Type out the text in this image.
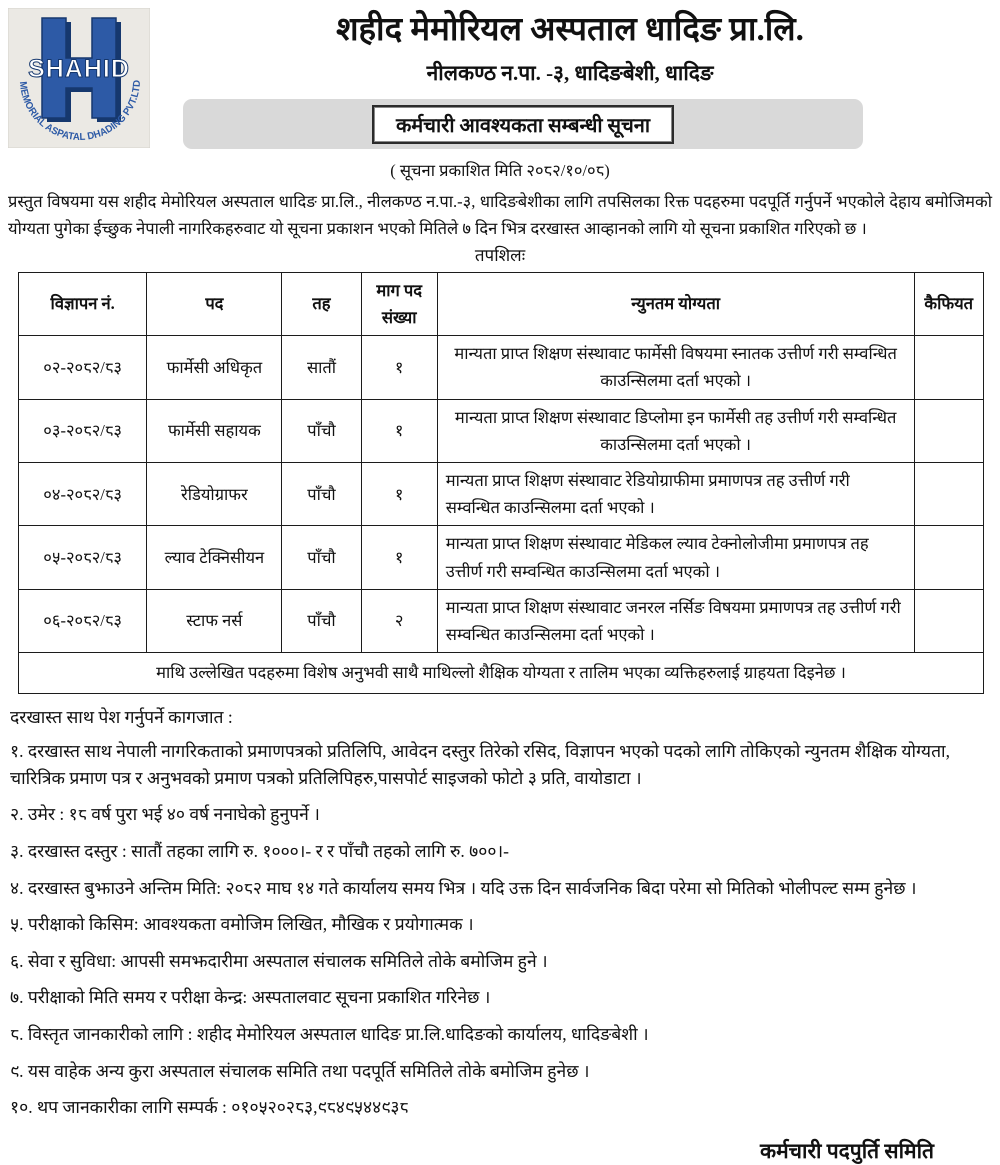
SHAHID
MEMORIAL ASPATAL DHADING PVT.LTD
शहीद मेमोरियल अस्पताल धादिङ प्रा.लि.
नीलकण्ठ न.पा. -३, धादिङबेशी, धादिङ
कर्मचारी आवश्यकता सम्बन्धी सूचना
( सूचना प्रकाशित मिति २०८२/१०/०८)

प्रस्तुत विषयमा यस शहीद मेमोरियल अस्पताल धादिङ प्रा.लि., नीलकण्ठ न.पा.-३, धादिङबेशीका लागि तपसिलका रिक्त पदहरुमा पदपूर्ति गर्नुपर्ने भएकोले देहाय बमोजिमको योग्यता पुगेका ईच्छुक नेपाली नागरिकहरुवाट यो सूचना प्रकाशन भएको मितिले ७ दिन भित्र दरखास्त आव्हानको लागि यो सूचना प्रकाशित गरिएको छ ।

तपशिलः
विज्ञापन नं.	पद	तह	माग पद संख्या	न्युनतम योग्यता	कैफियत
०२-२०८२/८३	फार्मेसी अधिकृत	सातौं	१	मान्यता प्राप्त शिक्षण संस्थावाट फार्मेसी विषयमा स्नातक उत्तीर्ण गरी सम्वन्धित काउन्सिलमा दर्ता भएको ।	
०३-२०८२/८३	फार्मेसी सहायक	पाँचौ	१	मान्यता प्राप्त शिक्षण संस्थावाट डिप्लोमा इन फार्मेसी तह उत्तीर्ण गरी सम्वन्धित काउन्सिलमा दर्ता भएको ।	
०४-२०८२/८३	रेडियोग्राफर	पाँचौ	१	मान्यता प्राप्त शिक्षण संस्थावाट रेडियोग्राफीमा प्रमाणपत्र तह उत्तीर्ण गरी सम्वन्धित काउन्सिलमा दर्ता भएको ।	
०५-२०८२/८३	ल्याव टेक्निसीयन	पाँचौ	१	मान्यता प्राप्त शिक्षण संस्थावाट मेडिकल ल्याव टेक्नोलोजीमा प्रमाणपत्र तह उत्तीर्ण गरी सम्वन्धित काउन्सिलमा दर्ता भएको ।	
०६-२०८२/८३	स्टाफ नर्स	पाँचौ	२	मान्यता प्राप्त शिक्षण संस्थावाट जनरल नर्सिङ विषयमा प्रमाणपत्र तह उत्तीर्ण गरी सम्वन्धित काउन्सिलमा दर्ता भएको ।	
माथि उल्लेखित पदहरुमा विशेष अनुभवी साथै माथिल्लो शैक्षिक योग्यता र तालिम भएका व्यक्तिहरुलाई ग्राहयता दिइनेछ ।					
दरखास्त साथ पेश गर्नुपर्ने कागजात :
१. दरखास्त साथ नेपाली नागरिकताको प्रमाणपत्रको प्रतिलिपि, आवेदन दस्तुर तिरेको रसिद, विज्ञापन भएको पदको लागि तोकिएको न्युनतम शैक्षिक योग्यता, चारित्रिक प्रमाण पत्र र अनुभवको प्रमाण पत्रको प्रतिलिपिहरु,पासपोर्ट साइजको फोटो ३ प्रति, वायोडाटा ।
२. उमेर : १८ वर्ष पुरा भई ४० वर्ष ननाघेको हुनुपर्ने ।
३. दरखास्त दस्तुर : सातौं तहका लागि रु. १०००।- र र पाँचौ तहको लागि रु. ७००।-
४. दरखास्त बुझाउने अन्तिम मिति: २०८२ माघ १४ गते कार्यालय समय भित्र । यदि उक्त दिन सार्वजनिक बिदा परेमा सो मितिको भोलीपल्ट सम्म हुनेछ ।
५. परीक्षाको किसिम: आवश्यकता वमोजिम लिखित, मौखिक र प्रयोगात्मक ।
६. सेवा र सुविधा: आपसी समझदारीमा अस्पताल संचालक समितिले तोके बमोजिम हुने ।
७. परीक्षाको मिति समय र परीक्षा केन्द्र: अस्पतालवाट सूचना प्रकाशित गरिनेछ ।
८. विस्तृत जानकारीको लागि : शहीद मेमोरियल अस्पताल धादिङ प्रा.लि.धादिङको कार्यालय, धादिङबेशी ।
९. यस वाहेक अन्य कुरा अस्पताल संचालक समिति तथा पदपूर्ति समितिले तोके बमोजिम हुनेछ ।
१०. थप जानकारीका लागि सम्पर्क : ०१०५२०२८३,९८४९५४४९३८
कर्मचारी पदपुर्ति समिति
